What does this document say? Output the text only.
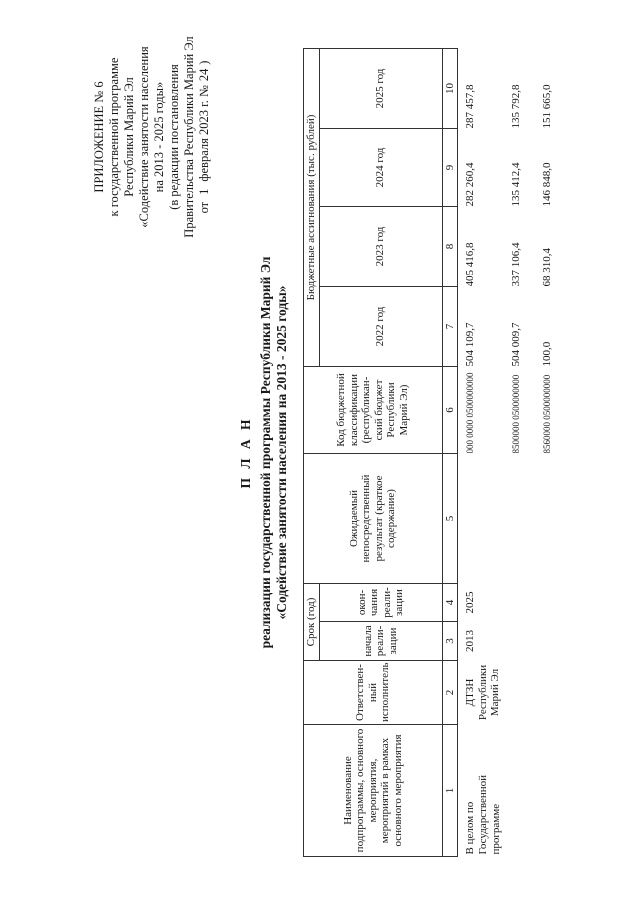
ПРИЛОЖЕНИЕ № 6 к государственной программе Республики Марий Эл «Содействие занятости населения на 2013 - 2025 годы» (в редакции постановления Правительства Республики Марий Эл от 1 февраля 2023 г. № 24 )
П Л А Н реализации государственной программы Республики Марий Эл «Содействие занятости населения на 2013 - 2025 годы»
Наименование подпрограммы, основного мероприятия, мероприятий в рамках основного мероприятия	Ответствен-ный исполнитель	Срок (год)		Ожидаемый непосредственный результат (краткое содержание)	Код бюджетной классификации (республикан-ский бюджет Республики Марий Эл)	Бюджетные ассигнования (тыс. рублей)			
		начала реали-зации	окон-чания реали-зации			2022 год	2023 год	2024 год	2025 год
1	2	3	4	5	6	7	8	9	10
В целом по Государственной программе	ДТЗН Республики Марий Эл	2013	2025		000 0000 0500000000	504 109,7	405 416,8	282 260,4	287 457,8
					8500000 0500000000	504 009,7	337 106,4	135 412,4	135 792,8
					8560000 0500000000	100,0	68 310,4	146 848,0	151 665,0
